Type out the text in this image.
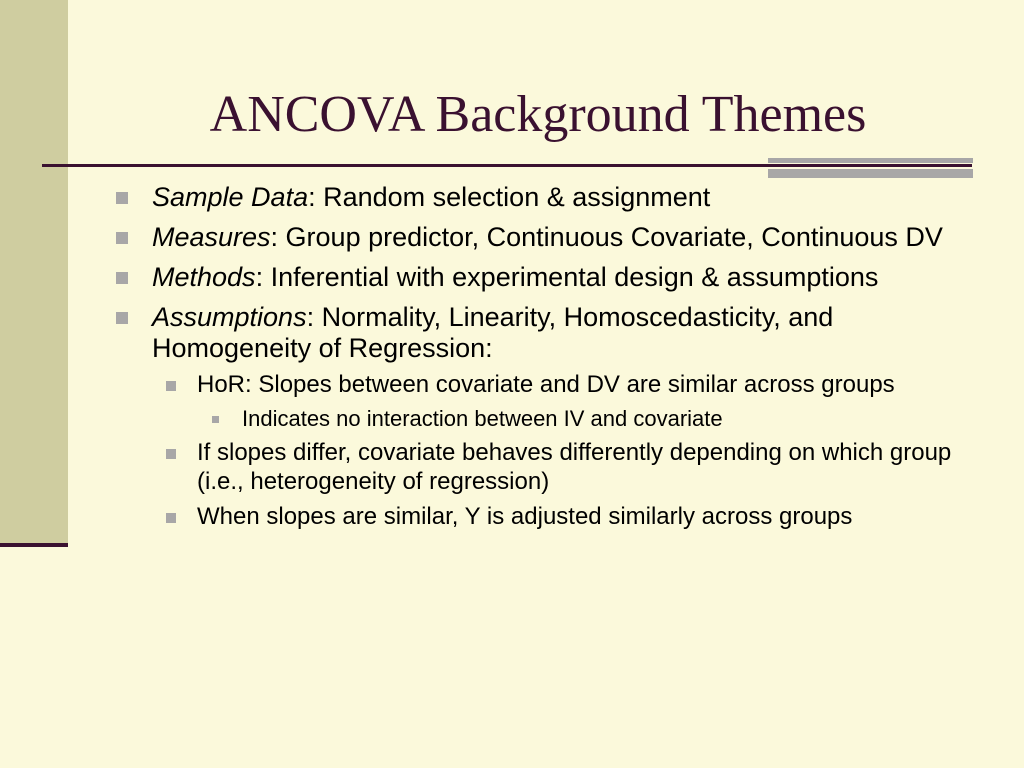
ANCOVA Background Themes
Sample Data: Random selection & assignment
Measures: Group predictor, Continuous Covariate, Continuous DV
Methods: Inferential with experimental design & assumptions
Assumptions: Normality, Linearity, Homoscedasticity, and Homogeneity of Regression:
HoR: Slopes between covariate and DV are similar across groups
Indicates no interaction between IV and covariate
If slopes differ, covariate behaves differently depending on which group (i.e., heterogeneity of regression)
When slopes are similar, Y is adjusted similarly across groups
